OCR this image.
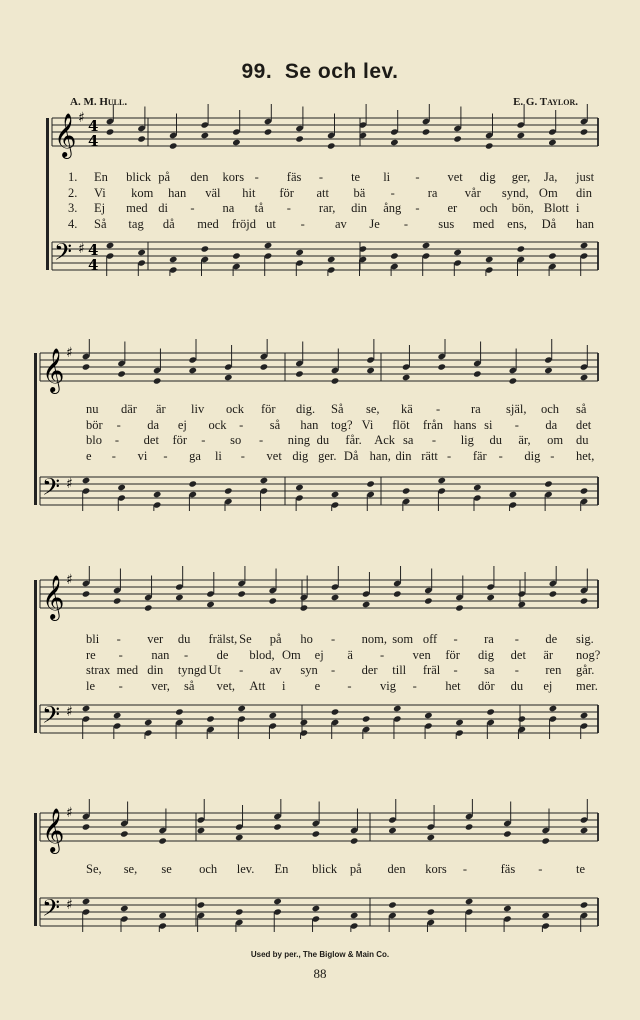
99. Se och lev.
A. M. Hull.	E. G. Taylor.
𝄞
𝄢
♯
♯
4
4
4
4
𝄞
𝄢
♯
♯
𝄞
𝄢
♯
♯
𝄞
𝄢
♯
♯
Used by per., The Biglow & Main Co.
88
1. En blick på den kors - fäs - te li - vet dig ger, Ja, just
2. Vi kom han väl hit för att bä -	ra vår synd, Om din
3. Ej med di - na tå - rar, din ång - er och bön, Blott i
4. Så tag då med fröjd ut - av Je - sus med ens, Då han
nu där är liv ock för dig. Så se, kä - ra själ, och så
bör - da ej ock - så han tog? Vi flöt från hans si - da det
blo - det för - so - ning du får. Ack sa - lig du är, om du
e - vi - ga li - vet dig ger. Då han, din rätt - fär - dig - het,
bli - ver du frälst, Se på ho - nom, som off - ra - de sig.
re - nan - de blod, Om ej ä - ven för dig det är nog?
strax med din tyngd Ut - av syn - der till fräl - sa - ren går.
le - ver, så vet, Att i e - vig - het dör du ej mer.
Se, se, se och lev. En blick på den kors -	fäs -	te
